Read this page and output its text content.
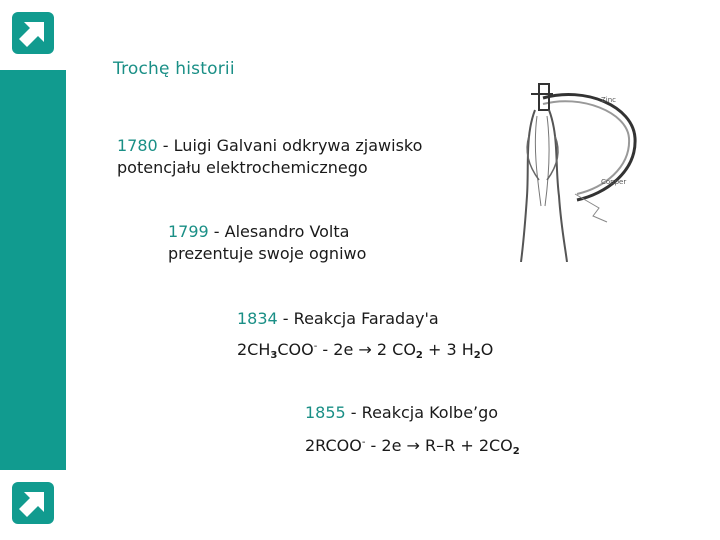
Trochę historii
1780 - Luigi Galvani odkrywa zjawisko
potencjału elektrochemicznego
1799 - Alesandro Volta
prezentuje swoje ogniwo
1834 - Reakcja Faraday'a
$2CH_3COO^- - 2e \to 2$ $CO_2 + 3$ $H_2O$
1855 - Reakcja Kolbe’go
2RCOO- - $2e \to R-R + 2CO_2$
Zinc
Copper
